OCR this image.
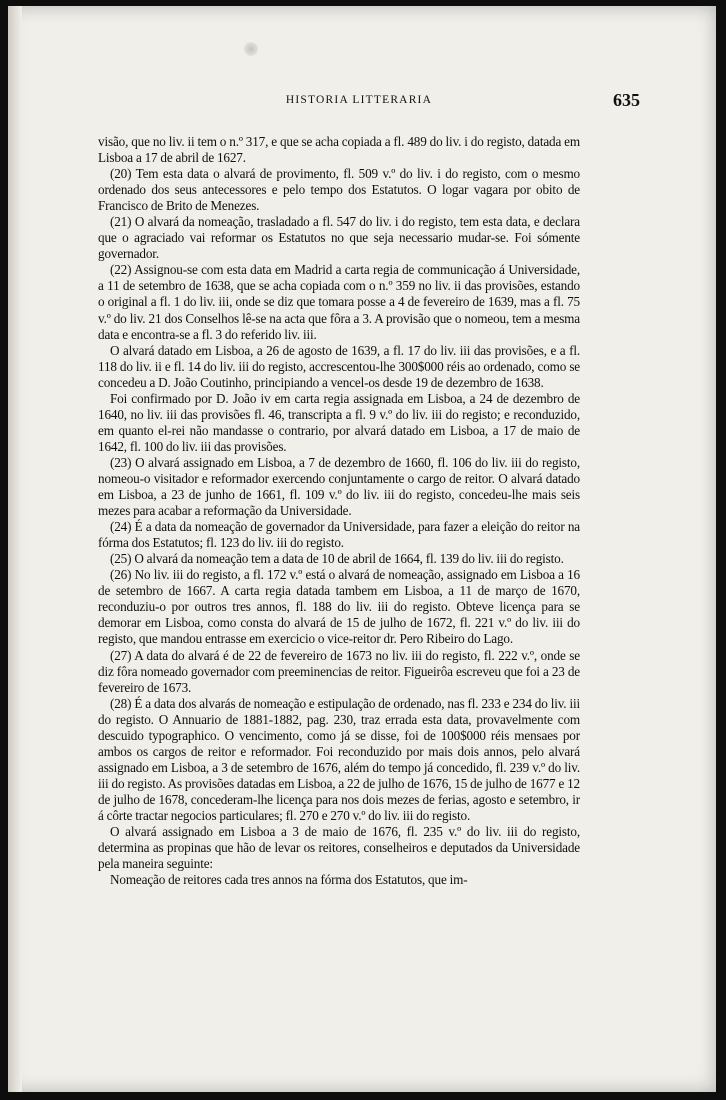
HISTORIA LITTERARIA	635

visão, que no liv. ii tem o n.º 317, e que se acha copiada a fl. 489 do liv. i do registo, datada em Lisboa a 17 de abril de 1627.

(20) Tem esta data o alvará de provimento, fl. 509 v.º do liv. i do registo, com o mesmo ordenado dos seus antecessores e pelo tempo dos Estatutos. O logar vagara por obito de Francisco de Brito de Menezes.

(21) O alvará da nomeação, trasladado a fl. 547 do liv. i do registo, tem esta data, e declara que o agraciado vai reformar os Estatutos no que seja necessario mudar-se. Foi sómente governador.

(22) Assignou-se com esta data em Madrid a carta regia de communicação á Universidade, a 11 de setembro de 1638, que se acha copiada com o n.º 359 no liv. ii das provisões, estando o original a fl. 1 do liv. iii, onde se diz que tomara posse a 4 de fevereiro de 1639, mas a fl. 75 v.º do liv. 21 dos Conselhos lê-se na acta que fôra a 3. A provisão que o nomeou, tem a mesma data e encontra-se a fl. 3 do referido liv. iii.

O alvará datado em Lisboa, a 26 de agosto de 1639, a fl. 17 do liv. iii das provisões, e a fl. 118 do liv. ii e fl. 14 do liv. iii do registo, accrescentou-lhe 300$000 réis ao ordenado, como se concedeu a D. João Coutinho, principiando a vencel-os desde 19 de dezembro de 1638.

Foi confirmado por D. João iv em carta regia assignada em Lisboa, a 24 de dezembro de 1640, no liv. iii das provisões fl. 46, transcripta a fl. 9 v.º do liv. iii do registo; e reconduzido, em quanto el-rei não mandasse o contrario, por alvará datado em Lisboa, a 17 de maio de 1642, fl. 100 do liv. iii das provisões.

(23) O alvará assignado em Lisboa, a 7 de dezembro de 1660, fl. 106 do liv. iii do registo, nomeou-o visitador e reformador exercendo conjuntamente o cargo de reitor. O alvará datado em Lisboa, a 23 de junho de 1661, fl. 109 v.º do liv. iii do registo, concedeu-lhe mais seis mezes para acabar a reformação da Universidade.

(24) É a data da nomeação de governador da Universidade, para fazer a eleição do reitor na fórma dos Estatutos; fl. 123 do liv. iii do registo.

(25) O alvará da nomeação tem a data de 10 de abril de 1664, fl. 139 do liv. iii do registo.

(26) No liv. iii do registo, a fl. 172 v.º está o alvará de nomeação, assignado em Lisboa a 16 de setembro de 1667. A carta regia datada tambem em Lisboa, a 11 de março de 1670, reconduziu-o por outros tres annos, fl. 188 do liv. iii do registo. Obteve licença para se demorar em Lisboa, como consta do alvará de 15 de julho de 1672, fl. 221 v.º do liv. iii do registo, que mandou entrasse em exercicio o vice-reitor dr. Pero Ribeiro do Lago.

(27) A data do alvará é de 22 de fevereiro de 1673 no liv. iii do registo, fl. 222 v.º, onde se diz fôra nomeado governador com preeminencias de reitor. Figueirôa escreveu que foi a 23 de fevereiro de 1673.

(28) É a data dos alvarás de nomeação e estipulação de ordenado, nas fl. 233 e 234 do liv. iii do registo. O Annuario de 1881-1882, pag. 230, traz errada esta data, provavelmente com descuido typographico. O vencimento, como já se disse, foi de 100$000 réis mensaes por ambos os cargos de reitor e reformador. Foi reconduzido por mais dois annos, pelo alvará assignado em Lisboa, a 3 de setembro de 1676, além do tempo já concedido, fl. 239 v.º do liv. iii do registo. As provisões datadas em Lisboa, a 22 de julho de 1676, 15 de julho de 1677 e 12 de julho de 1678, concederam-lhe licença para nos dois mezes de ferias, agosto e setembro, ir á côrte tractar negocios particulares; fl. 270 e 270 v.º do liv. iii do registo.

O alvará assignado em Lisboa a 3 de maio de 1676, fl. 235 v.º do liv. iii do registo, determina as propinas que hão de levar os reitores, conselheiros e deputados da Universidade pela maneira seguinte:

Nomeação de reitores cada tres annos na fórma dos Estatutos, que im-
